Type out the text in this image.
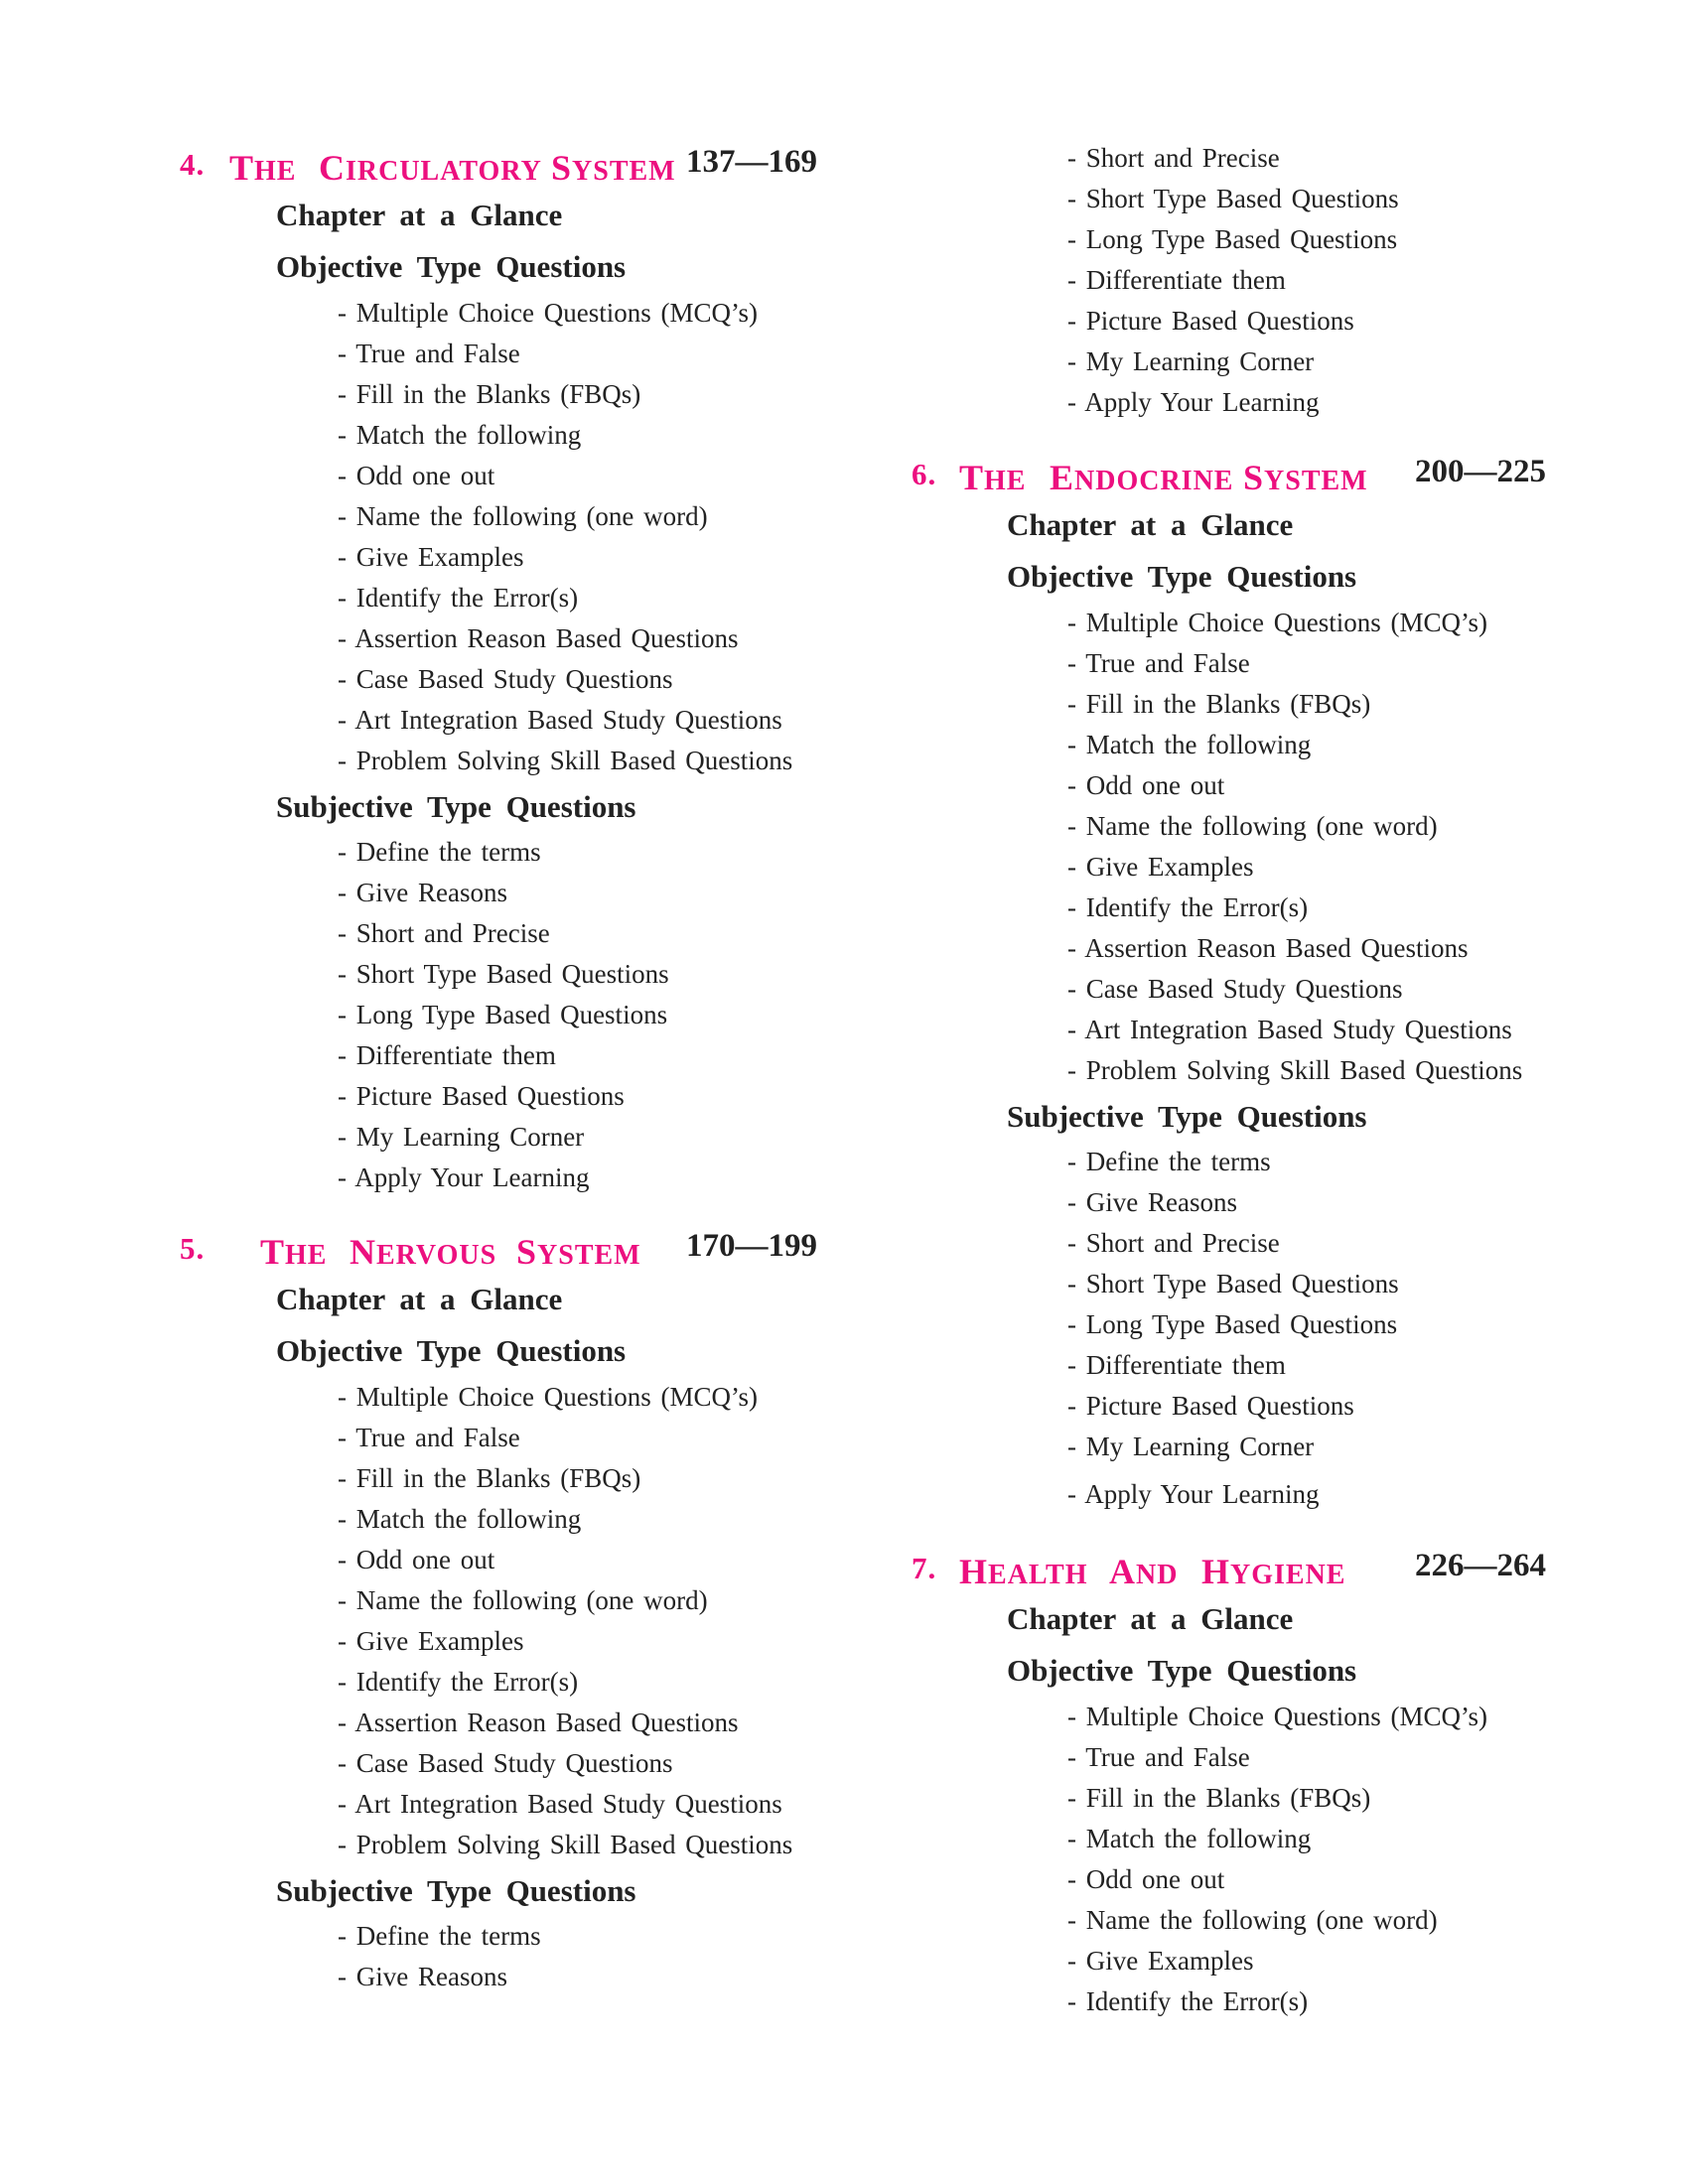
4. THE CIRCULATORY SYSTEM 137—169
Chapter at a Glance
Objective Type Questions
- Multiple Choice Questions (MCQ’s)
- True and False
- Fill in the Blanks (FBQs)
- Match the following
- Odd one out
- Name the following (one word)
- Give Examples
- Identify the Error(s)
- Assertion Reason Based Questions
- Case Based Study Questions
- Art Integration Based Study Questions
- Problem Solving Skill Based Questions
Subjective Type Questions
- Define the terms
- Give Reasons
- Short and Precise
- Short Type Based Questions
- Long Type Based Questions
- Differentiate them
- Picture Based Questions
- My Learning Corner
- Apply Your Learning
5. THE NERVOUS SYSTEM 170—199
Chapter at a Glance
Objective Type Questions
- Multiple Choice Questions (MCQ’s)
- True and False
- Fill in the Blanks (FBQs)
- Match the following
- Odd one out
- Name the following (one word)
- Give Examples
- Identify the Error(s)
- Assertion Reason Based Questions
- Case Based Study Questions
- Art Integration Based Study Questions
- Problem Solving Skill Based Questions
Subjective Type Questions
- Define the terms
- Give Reasons
- Short and Precise
- Short Type Based Questions
- Long Type Based Questions
- Differentiate them
- Picture Based Questions
- My Learning Corner
- Apply Your Learning
6. THE ENDOCRINE SYSTEM 200—225
Chapter at a Glance
Objective Type Questions
- Multiple Choice Questions (MCQ’s)
- True and False
- Fill in the Blanks (FBQs)
- Match the following
- Odd one out
- Name the following (one word)
- Give Examples
- Identify the Error(s)
- Assertion Reason Based Questions
- Case Based Study Questions
- Art Integration Based Study Questions
- Problem Solving Skill Based Questions
Subjective Type Questions
- Define the terms
- Give Reasons
- Short and Precise
- Short Type Based Questions
- Long Type Based Questions
- Differentiate them
- Picture Based Questions
- My Learning Corner
- Apply Your Learning
7. HEALTH AND HYGIENE 226—264
Chapter at a Glance
Objective Type Questions
- Multiple Choice Questions (MCQ’s)
- True and False
- Fill in the Blanks (FBQs)
- Match the following
- Odd one out
- Name the following (one word)
- Give Examples
- Identify the Error(s)
